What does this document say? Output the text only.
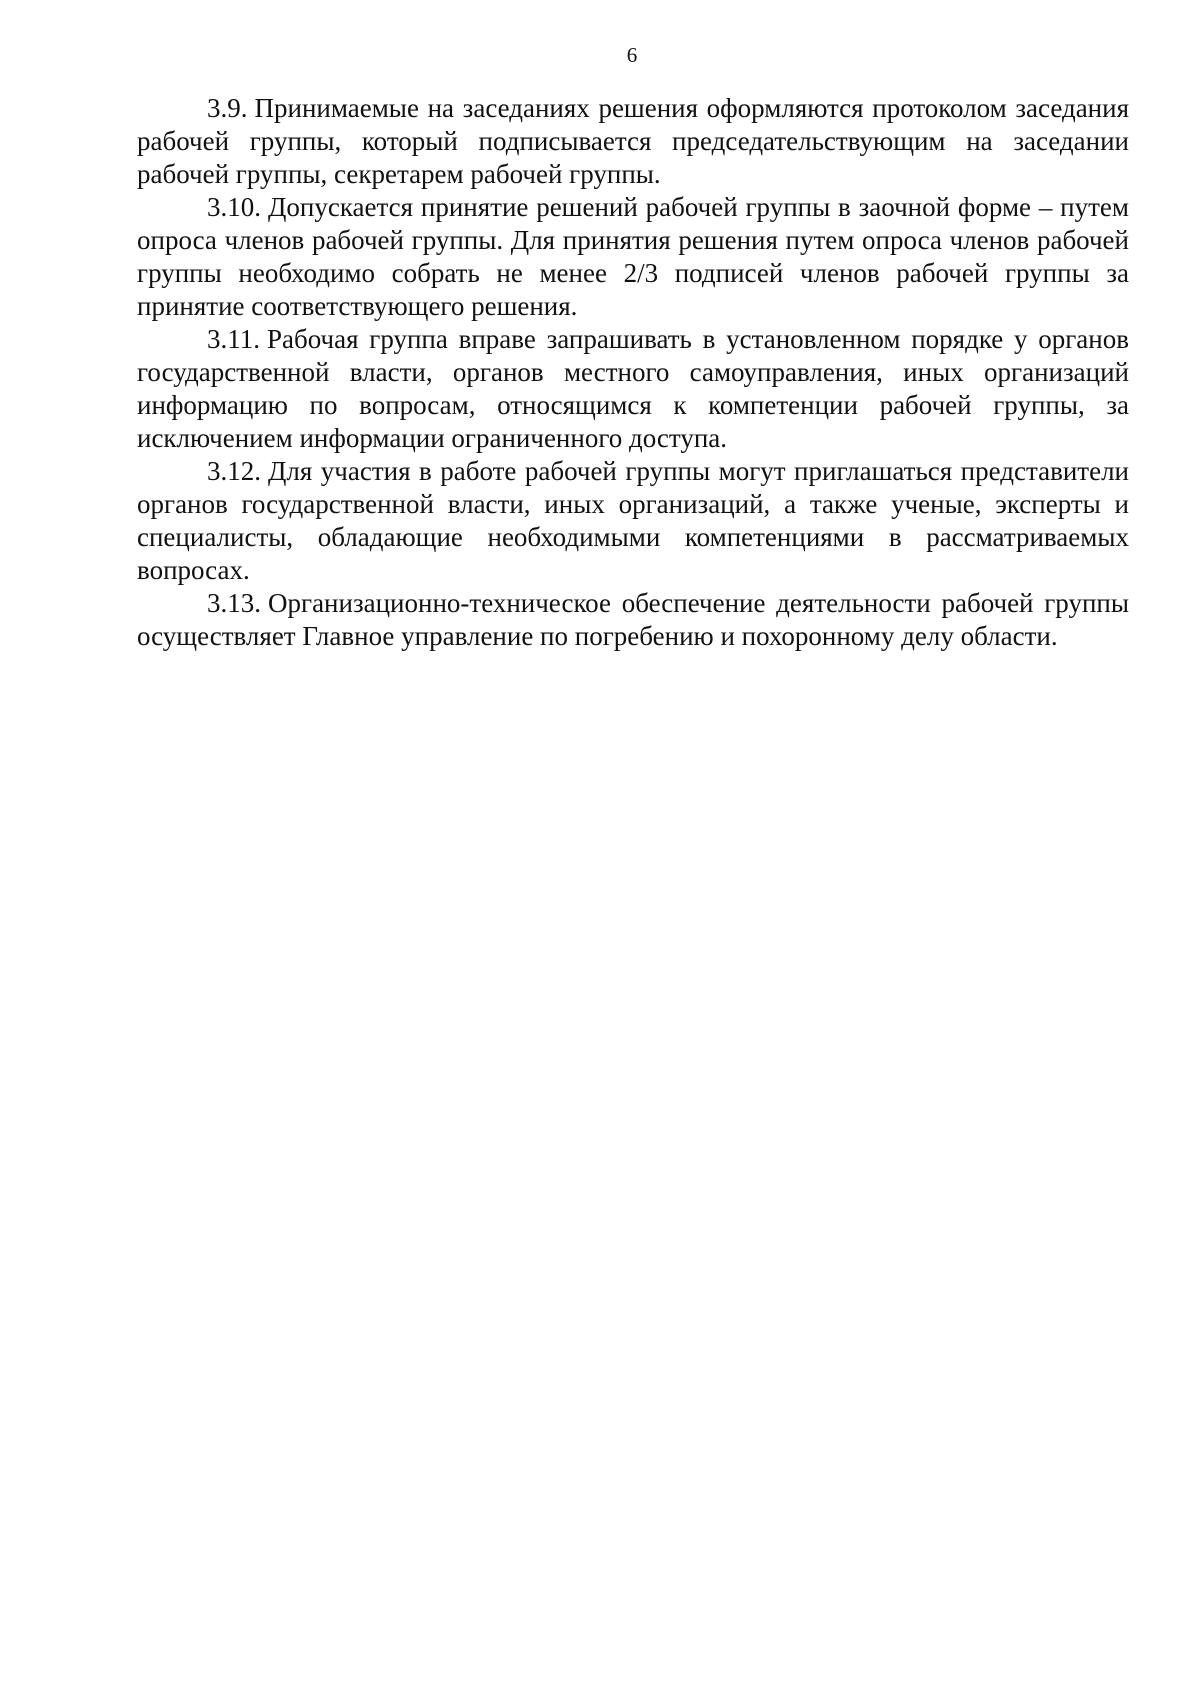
6

3.9. Принимаемые на заседаниях решения оформляются протоколом заседания рабочей группы, который подписывается председательствующим на заседании рабочей группы, секретарем рабочей группы.

3.10. Допускается принятие решений рабочей группы в заочной форме – путем опроса членов рабочей группы. Для принятия решения путем опроса членов рабочей группы необходимо собрать не менее 2/3 подписей членов рабочей группы за принятие соответствующего решения.

3.11. Рабочая группа вправе запрашивать в установленном порядке у органов государственной власти, органов местного самоуправления, иных организаций информацию по вопросам, относящимся к компетенции рабочей группы, за исключением информации ограниченного доступа.

3.12. Для участия в работе рабочей группы могут приглашаться представители органов государственной власти, иных организаций, а также ученые, эксперты и специалисты, обладающие необходимыми компетенциями в рассматриваемых вопросах.

3.13. Организационно-техническое обеспечение деятельности рабочей группы осуществляет Главное управление по погребению и похоронному делу области.
